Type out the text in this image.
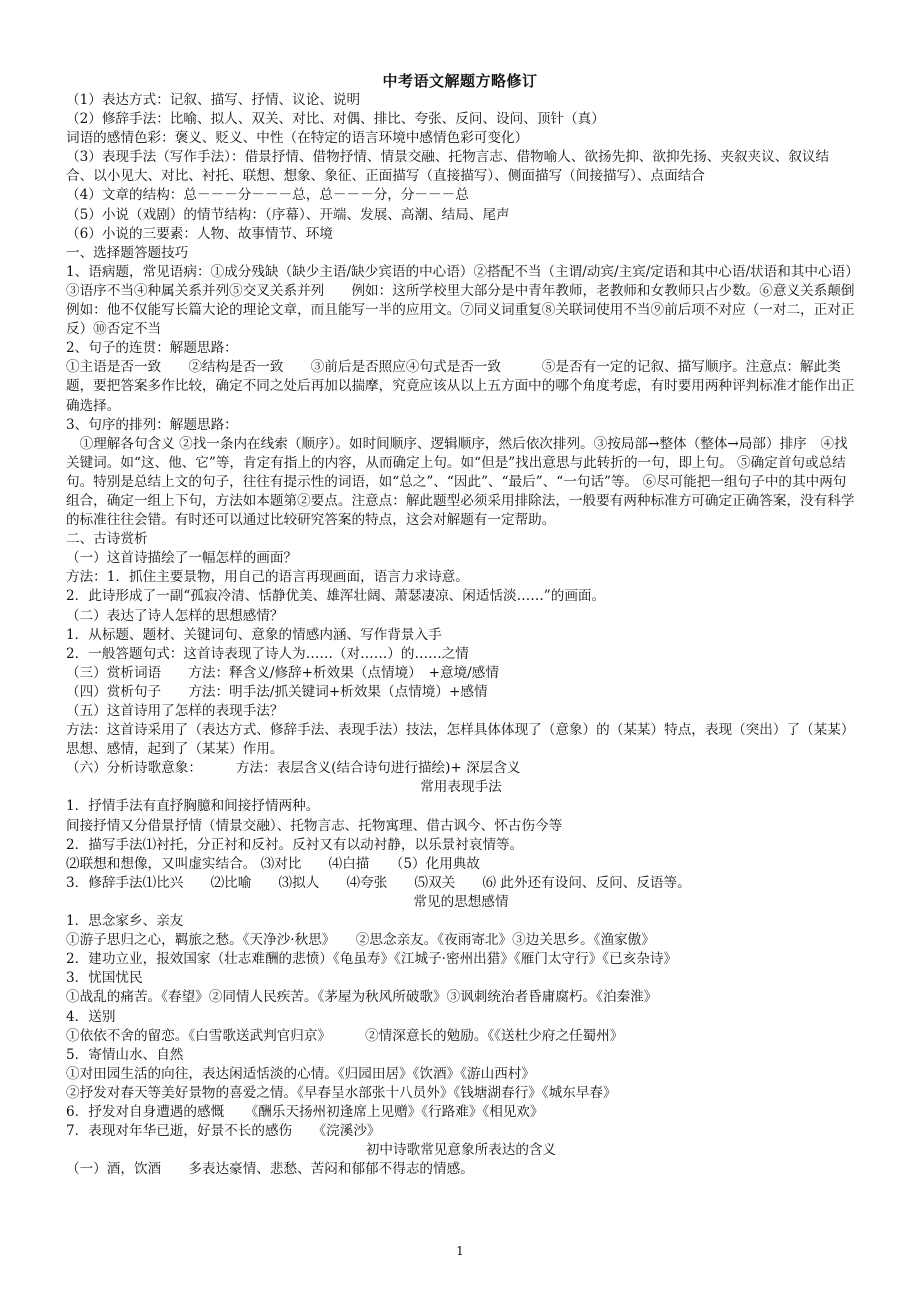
中考语文解题方略修订

（1）表达方式：记叙、描写、抒情、议论、说明

（2）修辞手法：比喻、拟人、双关、对比、对偶、排比、夸张、反问、设问、顶针（真）

词语的感情色彩：褒义、贬义、中性（在特定的语言环境中感情色彩可变化）

（3）表现手法（写作手法）：借景抒情、借物抒情、情景交融、托物言志、借物喻人、欲扬先抑、欲抑先扬、夹叙夹议、叙议结合、以小见大、对比、衬托、联想、想象、象征、正面描写（直接描写）、侧面描写（间接描写）、点面结合

（4）文章的结构：总－－－分－－－总，总－－－分，分－－－总

（5）小说（戏剧）的情节结构：（序幕）、开端、发展、高潮、结局、尾声

（6）小说的三要素：人物、故事情节、环境

一、选择题答题技巧

1、语病题，常见语病：①成分残缺（缺少主语/缺少宾语的中心语）②搭配不当（主谓/动宾/主宾/定语和其中心语/状语和其中心语）③语序不当④种属关系并列⑤交叉关系并列　　例如：这所学校里大部分是中青年教师，老教师和女教师只占少数。⑥意义关系颠倒　　例如：他不仅能写长篇大论的理论文章，而且能写一半的应用文。⑦同义词重复⑧关联词使用不当⑨前后项不对应（一对二，正对正反）⑩否定不当

2、句子的连贯：解题思路：

①主语是否一致　　②结构是否一致　　③前后是否照应④句式是否一致　　　⑤是否有一定的记叙、描写顺序。注意点：解此类题，要把答案多作比较，确定不同之处后再加以揣摩，究竟应该从以上五方面中的哪个角度考虑，有时要用两种评判标准才能作出正确选择。

3、句序的排列：解题思路：

　①理解各句含义 ②找一条内在线索（顺序）。如时间顺序、逻辑顺序，然后依次排列。③按局部→整体（整体→局部）排序　④找关键词。如“这、他、它”等，肯定有指上的内容，从而确定上句。如“但是”找出意思与此转折的一句，即上句。 ⑤确定首句或总结句。特别是总结上文的句子，往往有提示性的词语，如“总之”、“因此”、“最后”、“一句话”等。 ⑥尽可能把一组句子中的其中两句组合，确定一组上下句，方法如本题第②要点。注意点：解此题型必须采用排除法，一般要有两种标准方可确定正确答案，没有科学的标准往往会错。有时还可以通过比较研究答案的特点，这会对解题有一定帮助。

二、古诗赏析

（一）这首诗描绘了一幅怎样的画面？

方法：1．抓住主要景物，用自己的语言再现画面，语言力求诗意。

2．此诗形成了一副“孤寂冷清、恬静优美、雄浑壮阔、萧瑟凄凉、闲适恬淡……”的画面。

（二）表达了诗人怎样的思想感情？

1．从标题、题材、关键词句、意象的情感内涵、写作背景入手

2．一般答题句式：这首诗表现了诗人为……（对……）的……之情

（三）赏析词语　　方法：释含义/修辞+析效果（点情境）　+意境/感情

（四）赏析句子　　方法：明手法/抓关键词+析效果（点情境）+感情

（五）这首诗用了怎样的表现手法？

方法：这首诗采用了（表达方式、修辞手法、表现手法）技法，怎样具体体现了（意象）的（某某）特点，表现（突出）了（某某）思想、感情，起到了（某某）作用。

（六）分析诗歌意象：　　　方法：表层含义(结合诗句进行描绘)+ 深层含义

常用表现手法

1．抒情手法有直抒胸臆和间接抒情两种。

间接抒情又分借景抒情（情景交融）、托物言志、托物寓理、借古讽今、怀古伤今等

2．描写手法⑴衬托，分正衬和反衬。反衬又有以动衬静，以乐景衬哀情等。

⑵联想和想像，又叫虚实结合。 ⑶对比　　⑷白描　　（5）化用典故

3．修辞手法⑴比兴　　⑵比喻　　⑶拟人　　⑷夸张　　⑸双关　　⑹ 此外还有设问、反问、反语等。

常见的思想感情

1．思念家乡、亲友

①游子思归之心，羁旅之愁。《天净沙·秋思》　　②思念亲友。《夜雨寄北》③边关思乡。《渔家傲》

2．建功立业，报效国家（壮志难酬的悲愤）《龟虽寿》《江城子·密州出猎》《雁门太守行》《已亥杂诗》

3．忧国忧民

①战乱的痛苦。《春望》②同情人民疾苦。《茅屋为秋风所破歌》③讽刺统治者昏庸腐朽。《泊秦淮》

4．送别

①依依不舍的留恋。《白雪歌送武判官归京》　　　②情深意长的勉励。《《送杜少府之任蜀州》

5．寄情山水、自然

①对田园生活的向往，表达闲适恬淡的心情。《归园田居》《饮酒》《游山西村》

②抒发对春天等美好景物的喜爱之情。《早春呈水部张十八员外》《钱塘湖春行》《城东早春》

6．抒发对自身遭遇的感慨　　《酬乐天扬州初逢席上见赠》《行路难》《相见欢》

7．表现对年华已逝，好景不长的感伤　　《浣溪沙》

初中诗歌常见意象所表达的含义

（一）酒，饮酒　　多表达豪情、悲愁、苦闷和郁郁不得志的情感。

1
